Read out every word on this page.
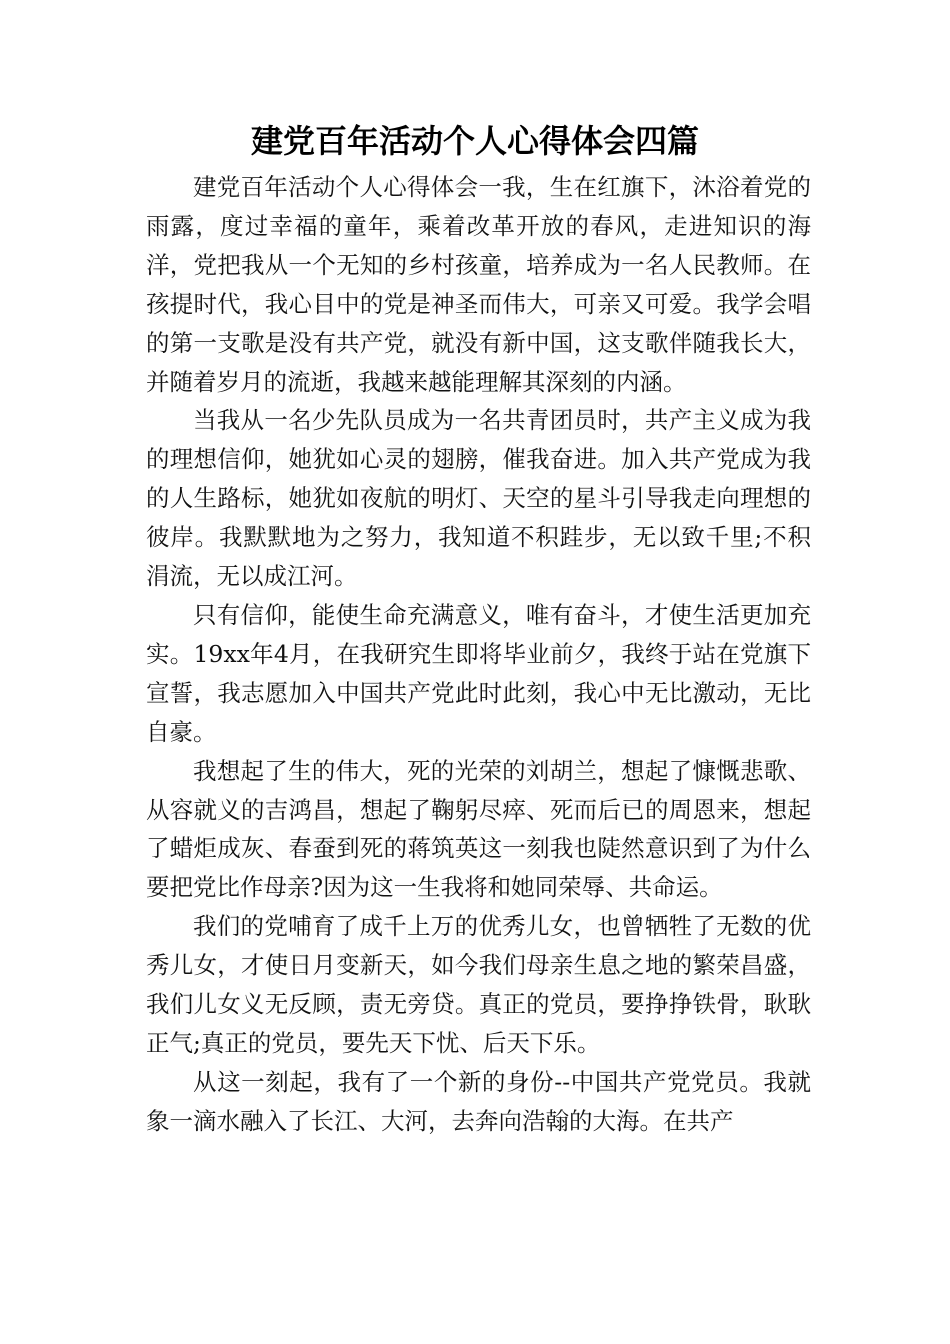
建党百年活动个人心得体会四篇

建党百年活动个人心得体会一我，生在红旗下，沐浴着党的雨露，度过幸福的童年，乘着改革开放的春风，走进知识的海洋，党把我从一个无知的乡村孩童，培养成为一名人民教师。在孩提时代，我心目中的党是神圣而伟大，可亲又可爱。我学会唱的第一支歌是没有共产党，就没有新中国，这支歌伴随我长大，并随着岁月的流逝，我越来越能理解其深刻的内涵。

当我从一名少先队员成为一名共青团员时，共产主义成为我的理想信仰，她犹如心灵的翅膀，催我奋进。加入共产党成为我的人生路标，她犹如夜航的明灯、天空的星斗引导我走向理想的彼岸。我默默地为之努力，我知道不积跬步，无以致千里;不积涓流，无以成江河。

只有信仰，能使生命充满意义，唯有奋斗，才使生活更加充实。19xx年4月，在我研究生即将毕业前夕，我终于站在党旗下宣誓，我志愿加入中国共产党此时此刻，我心中无比激动，无比自豪。

我想起了生的伟大，死的光荣的刘胡兰，想起了慷慨悲歌、从容就义的吉鸿昌，想起了鞠躬尽瘁、死而后已的周恩来，想起了蜡炬成灰、春蚕到死的蒋筑英这一刻我也陡然意识到了为什么要把党比作母亲?因为这一生我将和她同荣辱、共命运。

我们的党哺育了成千上万的优秀儿女，也曾牺牲了无数的优秀儿女，才使日月变新天，如今我们母亲生息之地的繁荣昌盛，我们儿女义无反顾，责无旁贷。真正的党员，要挣挣铁骨，耿耿正气;真正的党员，要先天下忧、后天下乐。

从这一刻起，我有了一个新的身份--中国共产党党员。我就象一滴水融入了长江、大河，去奔向浩翰的大海。在共产
